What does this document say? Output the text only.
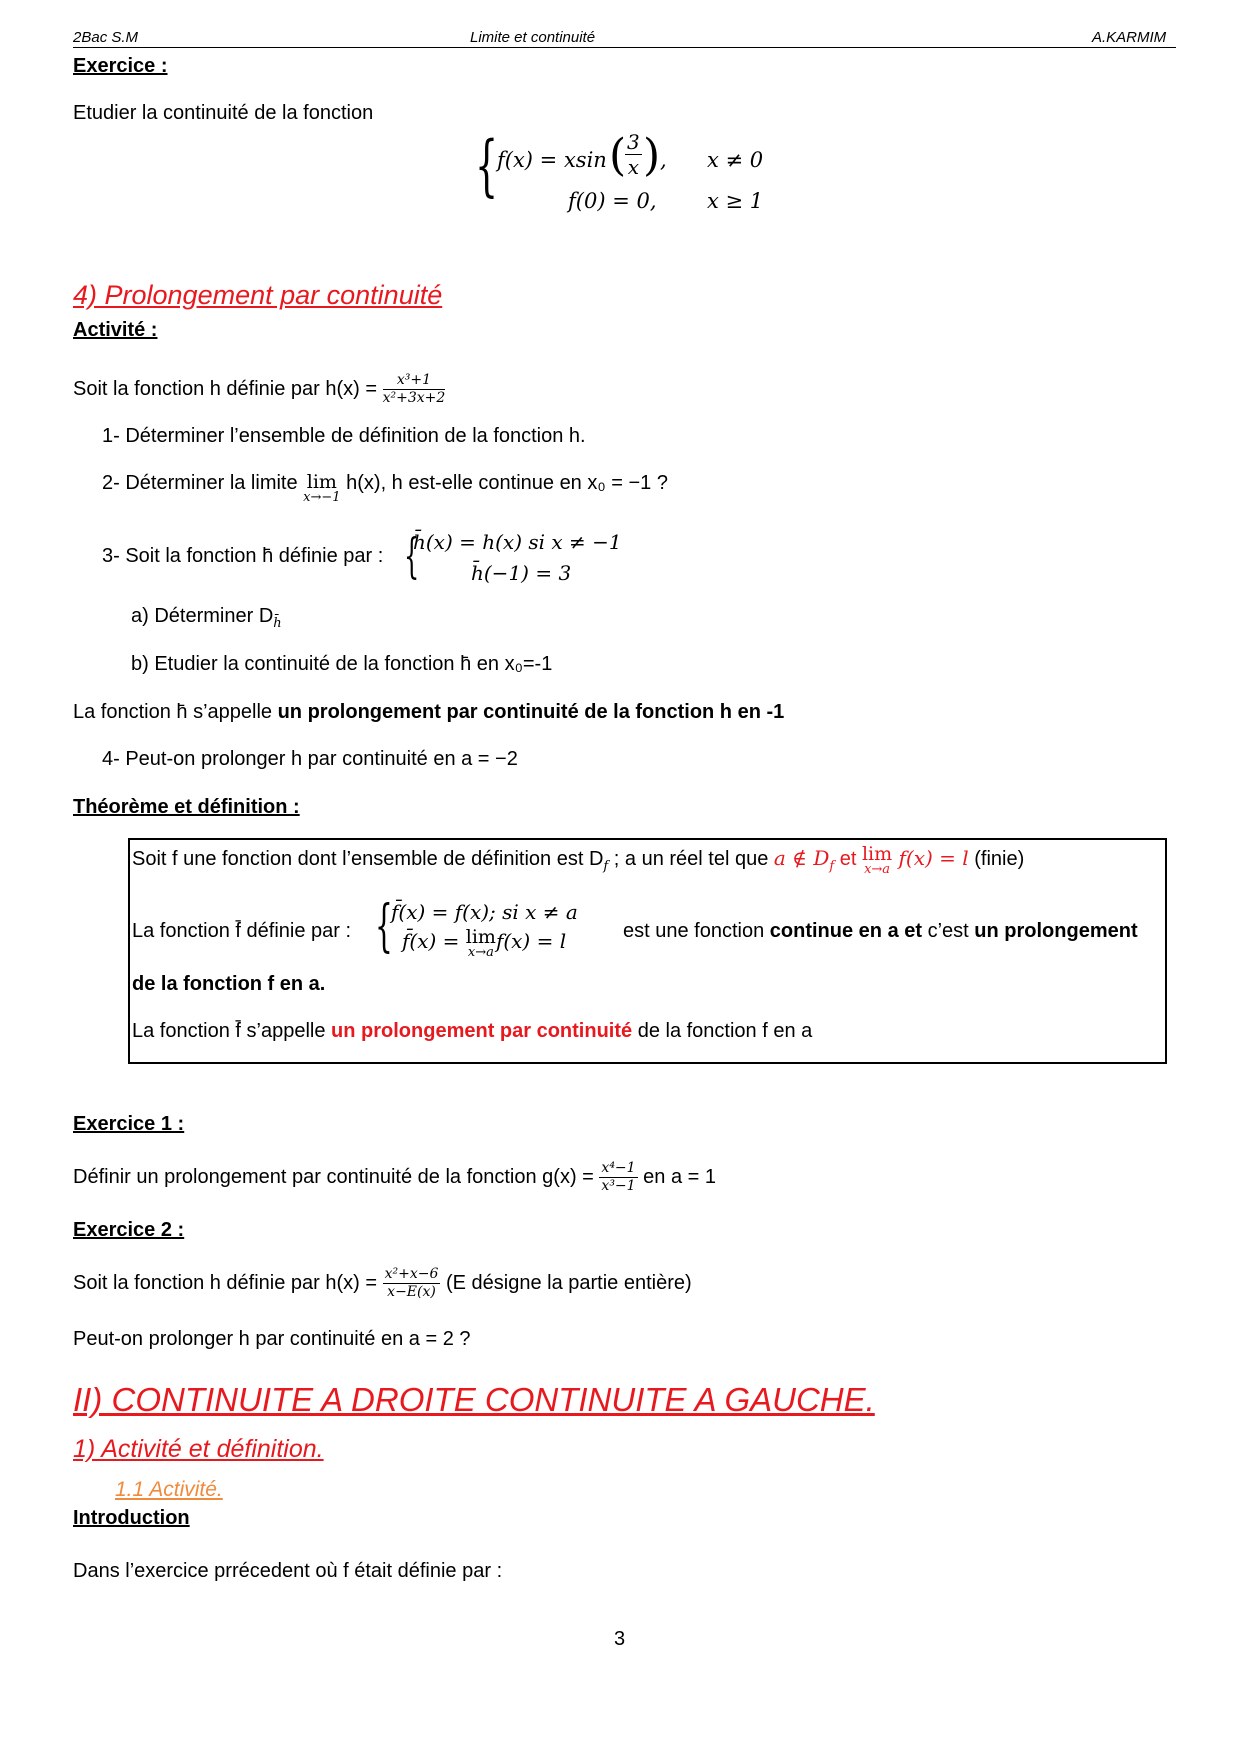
2Bac S.M	Limite et continuité	A.KARMIM
Exercice :
Etudier la continuité de la fonction
{
f(x) = xsin (
$\frac{3}{x}$ ) , x ≠ 0
f(0) = 0, x ≥ 1
4) Prolongement par continuité
Activité :
Soit la fonction h définie par $h(x) = \frac{\text{x³+1}}{\text{x²+3x+2}}$
1- Déterminer l’ensemble de définition de la fonction h.
2- Déterminer la limite lim
x→−1
h(x), h est-elle continue en x₀ = −1 ?
3- Soit la fonction h̄ définie par : {
h̄(x) = h(x) si x ≠ −1
h̄(−1) = 3
a) Déterminer $D_{h̄}$
b) Etudier la continuité de la fonction h̄ en x₀=-1
La fonction h̄ s’appelle un prolongement par continuité de la fonction h en -1
4- Peut-on prolonger h par continuité en a = −2
Théorème et définition :
Soit f une fonction dont l’ensemble de définition est $D_f$ ; a un réel tel que a ∉ $D_f$ et lim
x→a f(x) = l (finie)
La fonction f̄ définie par : {
f̄(x) = f(x); si x ≠ a
f̄(x) = lim
x→a f(x) = l	est une fonction continue en a et c’est un prolongement
de la fonction f en a.
La fonction f̄ s’appelle un prolongement par continuité de la fonction f en a
Exercice 1 :
Définir un prolongement par continuité de la fonction $g(x) = \frac{\text{x⁴−1}}{\text{x³−1}}$ en a = 1
Exercice 2 :
Soit la fonction h définie par $h(x) = \frac{\text{x²+x−6}}{x-E(x)} (E$ désigne la partie entière)
Peut-on prolonger h par continuité en a = 2 ?
II) CONTINUITE A DROITE CONTINUITE A GAUCHE.
1) Activité et définition.
1.1 Activité.
Introduction
Dans l’exercice prrécedent où f était définie par :
3
